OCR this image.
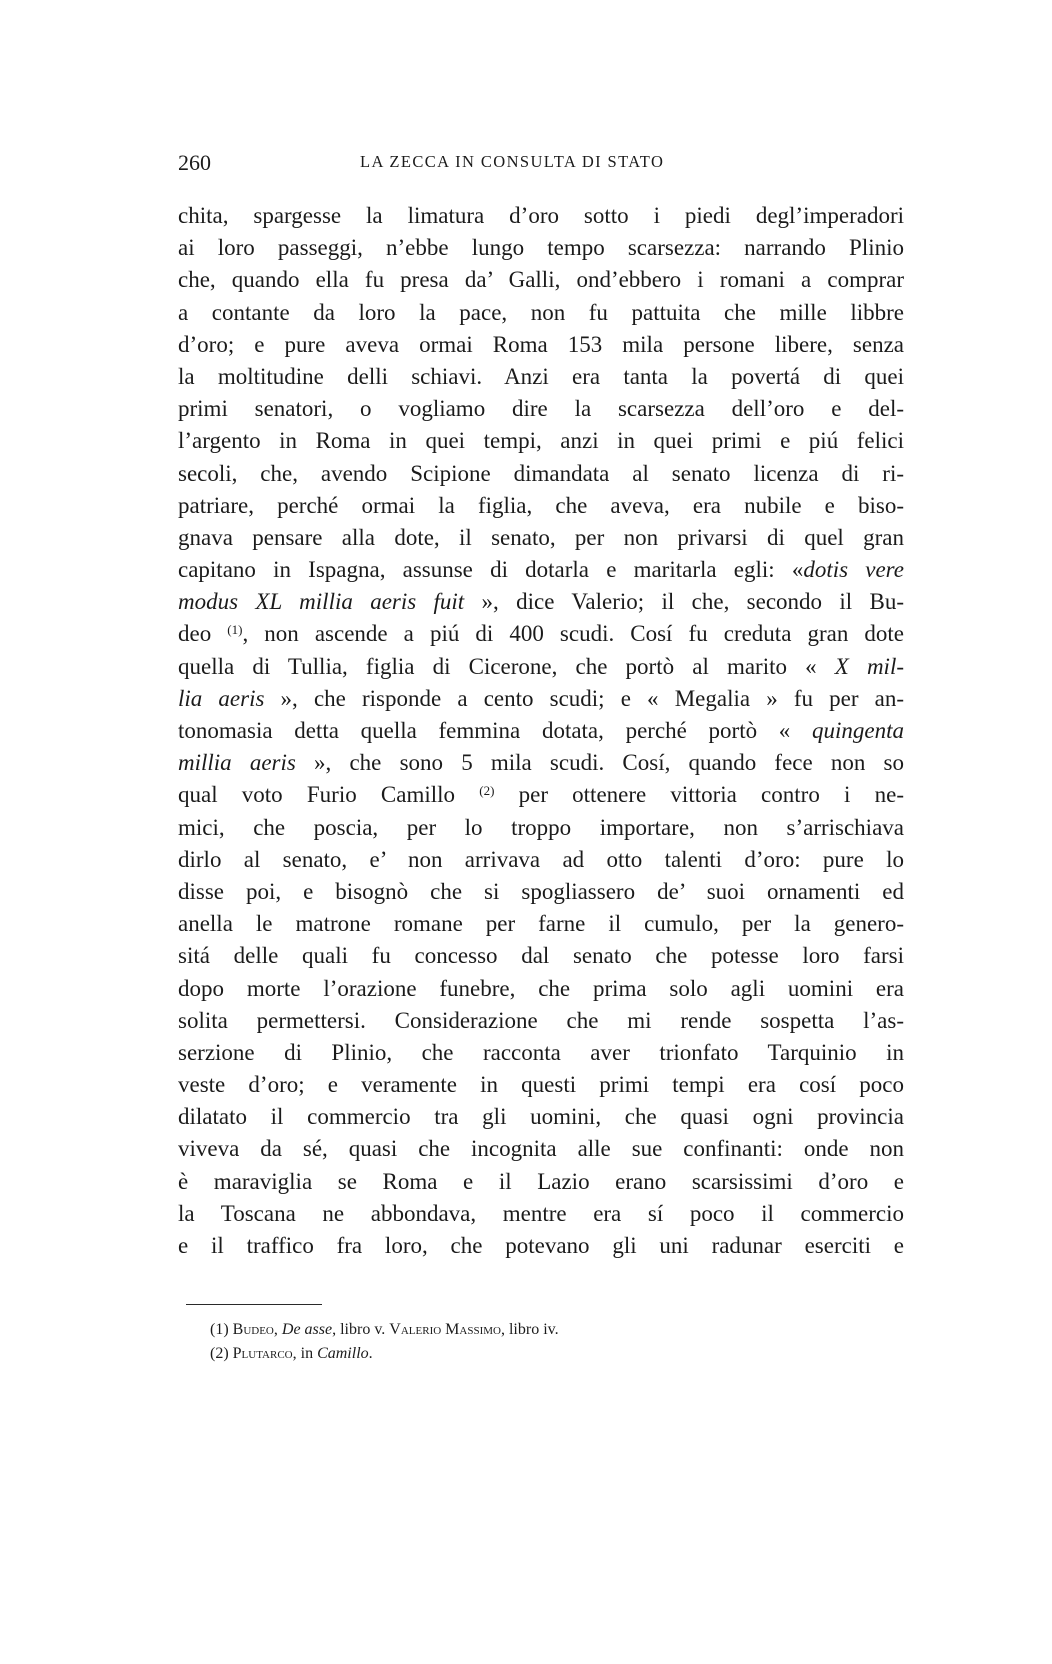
260	LA ZECCA IN CONSULTA DI STATO
chita, spargesse la limatura d’oro sotto i piedi degl’imperadori
ai loro passeggi, n’ebbe lungo tempo scarsezza: narrando Plinio
che, quando ella fu presa da’ Galli, ond’ebbero i romani a comprar
a contante da loro la pace, non fu pattuita che mille libbre
d’oro; e pure aveva ormai Roma 153 mila persone libere, senza
la moltitudine delli schiavi. Anzi era tanta la povertá di quei
primi senatori, o vogliamo dire la scarsezza dell’oro e del-
l’argento in Roma in quei tempi, anzi in quei primi e piú felici
secoli, che, avendo Scipione dimandata al senato licenza di ri-
patriare, perché ormai la figlia, che aveva, era nubile e biso-
gnava pensare alla dote, il senato, per non privarsi di quel gran
capitano in Ispagna, assunse di dotarla e maritarla egli: «dotis vere
modus XL millia aeris fuit », dice Valerio; il che, secondo il Bu-
deo $^{(1)}$, non ascende a piú di 400 scudi. Cosí fu creduta gran dote
quella di Tullia, figlia di Cicerone, che portò al marito « X mil-
lia aeris », che risponde a cento scudi; e « Megalia » fu per an-
tonomasia detta quella femmina dotata, perché portò « quingenta
millia aeris », che sono 5 mila scudi. Cosí, quando fece non so
qual voto Furio Camillo $^{(2)}$ per ottenere vittoria contro i ne-
mici, che poscia, per lo troppo importare, non s’arrischiava
dirlo al senato, e’ non arrivava ad otto talenti d’oro: pure lo
disse poi, e bisognò che si spogliassero de’ suoi ornamenti ed
anella le matrone romane per farne il cumulo, per la genero-
sitá delle quali fu concesso dal senato che potesse loro farsi
dopo morte l’orazione funebre, che prima solo agli uomini era
solita permettersi. Considerazione che mi rende sospetta l’as-
serzione di Plinio, che racconta aver trionfato Tarquinio in
veste d’oro; e veramente in questi primi tempi era cosí poco
dilatato il commercio tra gli uomini, che quasi ogni provincia
viveva da sé, quasi che incognita alle sue confinanti: onde non
è maraviglia se Roma e il Lazio erano scarsissimi d’oro e
la Toscana ne abbondava, mentre era sí poco il commercio
e il traffico fra loro, che potevano gli uni radunar eserciti e
(1) Budeo, De asse, libro v. Valerio Massimo, libro iv.
(2) Plutarco, in Camillo.
